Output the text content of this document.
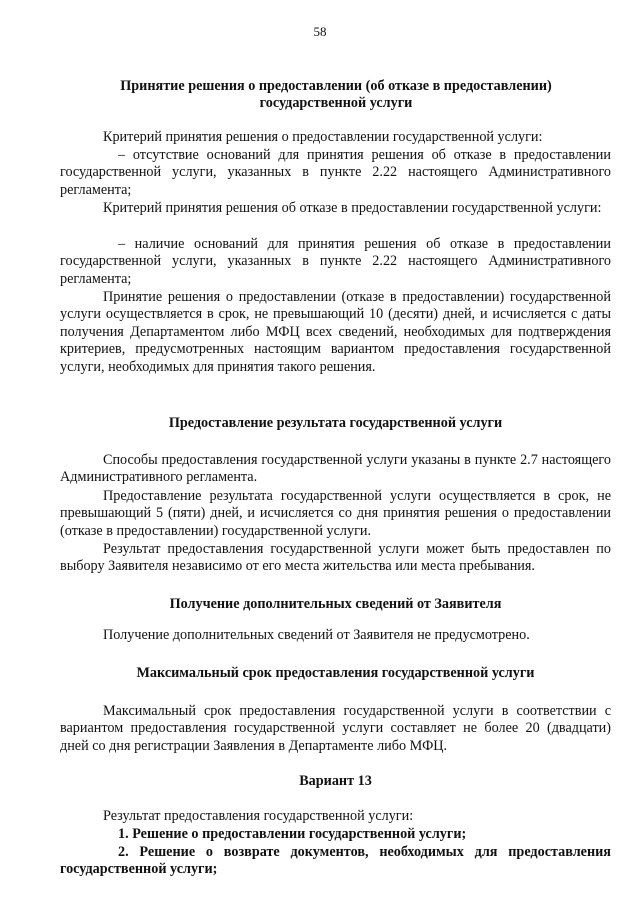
58
Принятие решения о предоставлении (об отказе в предоставлении) государственной услуги
Критерий принятия решения о предоставлении государственной услуги:
– отсутствие оснований для принятия решения об отказе в предоставлении государственной услуги, указанных в пункте 2.22 настоящего Административного регламента;
Критерий принятия решения об отказе в предоставлении государственной услуги:
– наличие оснований для принятия решения об отказе в предоставлении государственной услуги, указанных в пункте 2.22 настоящего Административного регламента;
Принятие решения о предоставлении (отказе в предоставлении) государственной услуги осуществляется в срок, не превышающий 10 (десяти) дней, и исчисляется с даты получения Департаментом либо МФЦ всех сведений, необходимых для подтверждения критериев, предусмотренных настоящим вариантом предоставления государственной услуги, необходимых для принятия такого решения.
Предоставление результата государственной услуги
Способы предоставления государственной услуги указаны в пункте 2.7 настоящего Административного регламента.
Предоставление результата государственной услуги осуществляется в срок, не превышающий 5 (пяти) дней, и исчисляется со дня принятия решения о предоставлении (отказе в предоставлении) государственной услуги.
Результат предоставления государственной услуги может быть предоставлен по выбору Заявителя независимо от его места жительства или места пребывания.
Получение дополнительных сведений от Заявителя
Получение дополнительных сведений от Заявителя не предусмотрено.
Максимальный срок предоставления государственной услуги
Максимальный срок предоставления государственной услуги в соответствии с вариантом предоставления государственной услуги составляет не более 20 (двадцати) дней со дня регистрации Заявления в Департаменте либо МФЦ.
Вариант 13
Результат предоставления государственной услуги:
1. Решение о предоставлении государственной услуги;
2. Решение о возврате документов, необходимых для предоставления государственной услуги;
